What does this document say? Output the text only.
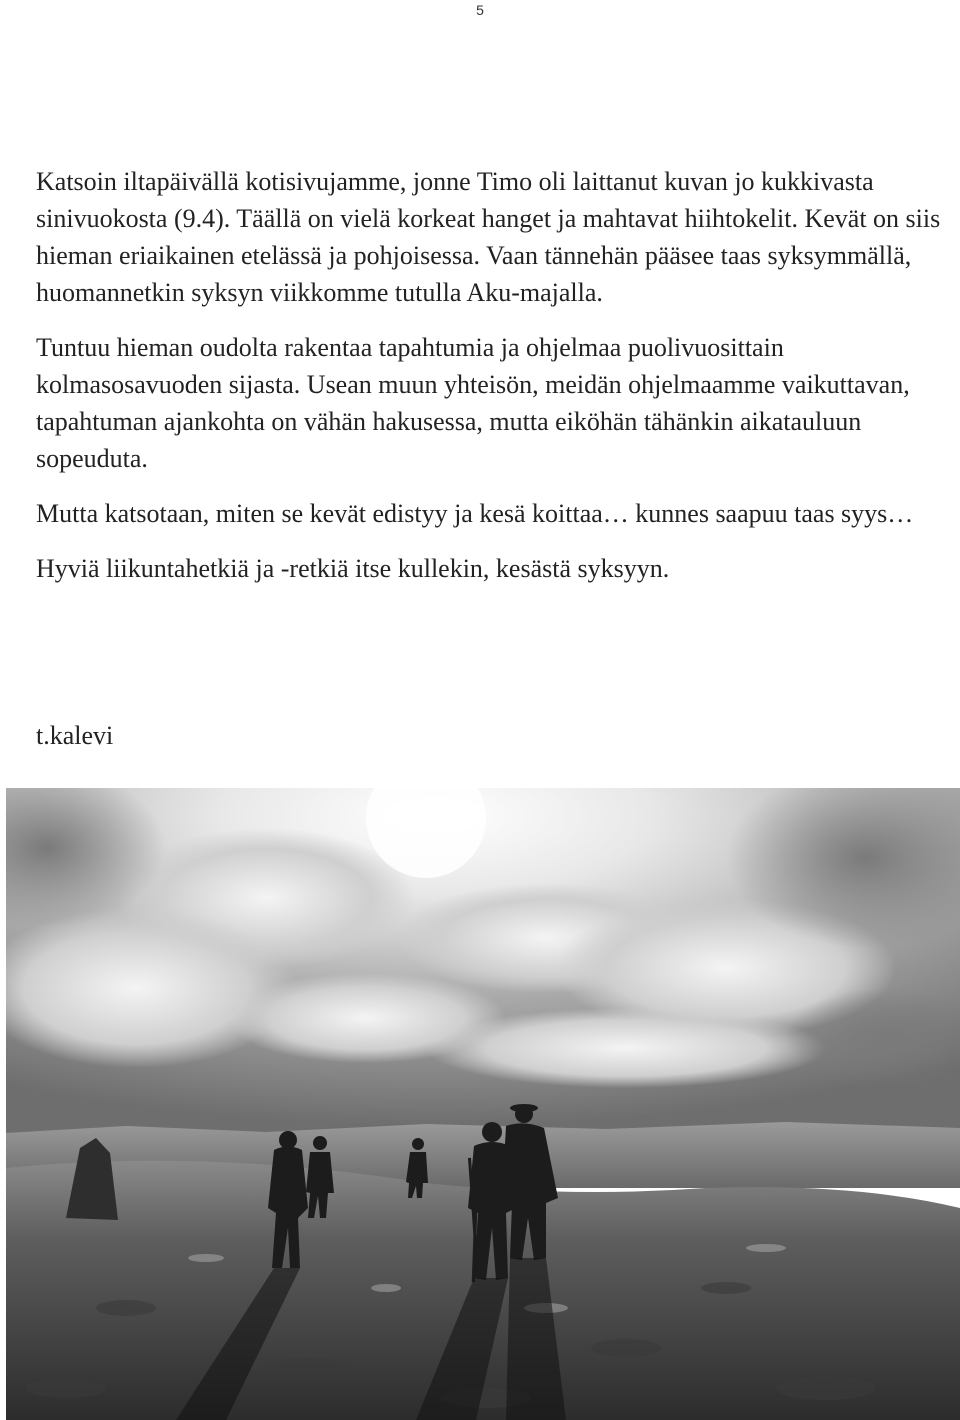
5

Katsoin iltapäivällä kotisivujamme, jonne Timo oli laittanut kuvan jo kukkivasta sinivuokosta (9.4). Täällä on vielä korkeat hanget ja mahtavat hiihtokelit. Kevät on siis hieman eriaikainen etelässä ja pohjoisessa. Vaan tännehän pääsee taas syksymmällä, huomannetkin syksyn viikkomme tutulla Aku-majalla.

Tuntuu hieman oudolta rakentaa tapahtumia ja ohjelmaa puolivuosittain kolmasosavuoden sijasta. Usean muun yhteisön, meidän ohjelmaamme vaikuttavan, tapahtuman ajankohta on vähän hakusessa, mutta eiköhän tähänkin aikatauluun sopeuduta.

Mutta katsotaan, miten se kevät edistyy ja kesä koittaa… kunnes saapuu taas syys…

Hyviä liikuntahetkiä ja -retkiä itse kullekin, kesästä syksyyn.

t.kalevi
